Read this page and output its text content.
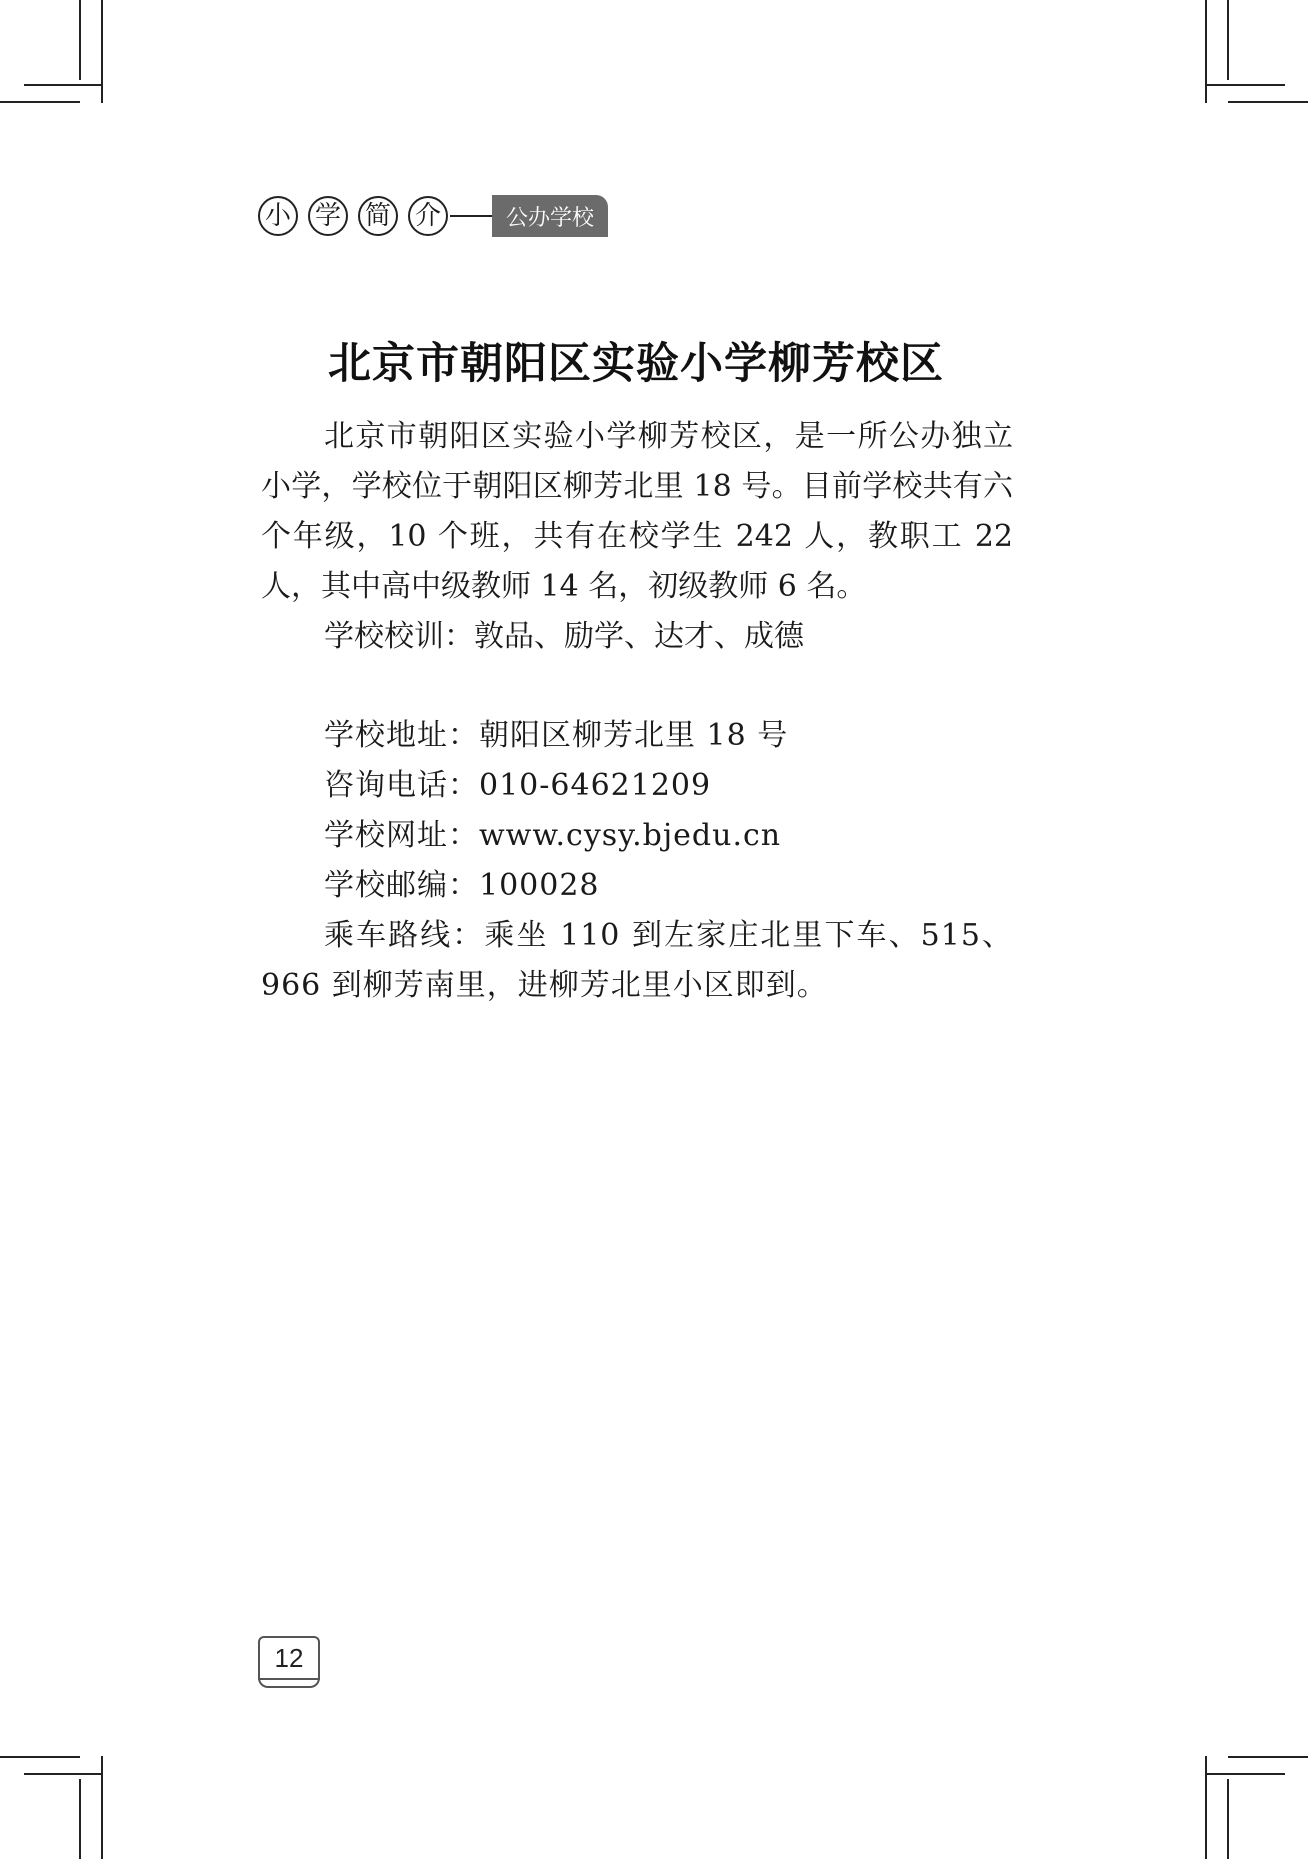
小 学 简 介	公办学校
北京市朝阳区实验小学柳芳校区

北京市朝阳区实验小学柳芳校区，是一所公办独立小学，学校位于朝阳区柳芳北里 18 号。目前学校共有六个年级，10 个班，共有在校学生 242 人，教职工 22 人，其中高中级教师 14 名，初级教师 6 名。

学校校训：敦品、励学、达才、成德

学校地址：朝阳区柳芳北里 18 号

咨询电话：010-64621209

学校网址：www.cysy.bjedu.cn

学校邮编：100028

乘车路线：乘坐 110 到左家庄北里下车、515、966 到柳芳南里，进柳芳北里小区即到。

12
